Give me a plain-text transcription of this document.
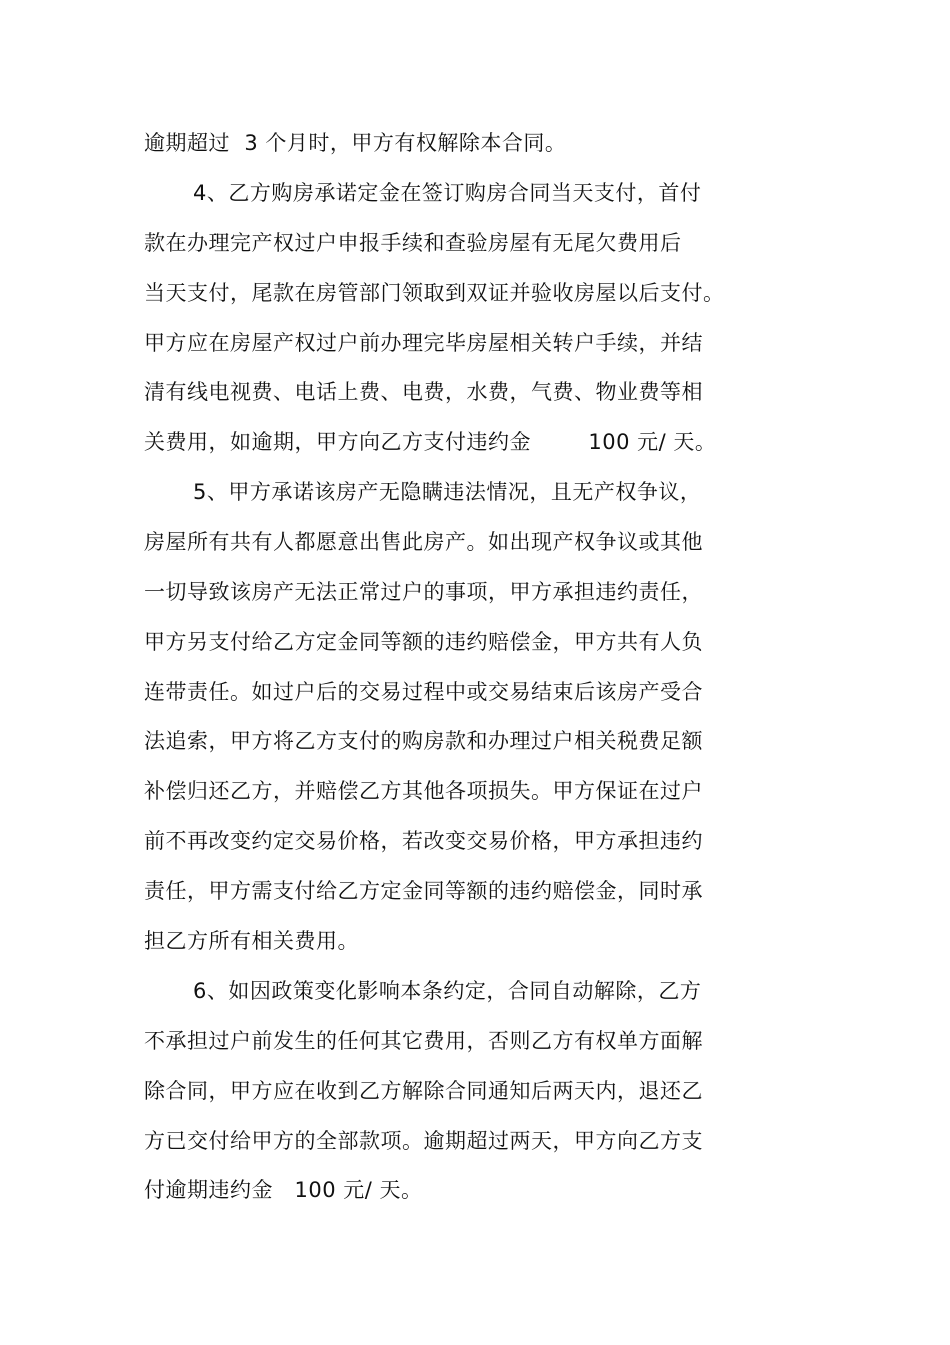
逾期超过  3 个月时，甲方有权解除本合同。
4、乙方购房承诺定金在签订购房合同当天支付，首付
款在办理完产权过户申报手续和查验房屋有无尾欠费用后
当天支付，尾款在房管部门领取到双证并验收房屋以后支付。
甲方应在房屋产权过户前办理完毕房屋相关转户手续，并结
清有线电视费、电话上费、电费，水费，气费、物业费等相
关费用，如逾期，甲方向乙方支付违约金        100 元/ 天。
5、甲方承诺该房产无隐瞒违法情况，且无产权争议，
房屋所有共有人都愿意出售此房产。如出现产权争议或其他
一切导致该房产无法正常过户的事项，甲方承担违约责任，
甲方另支付给乙方定金同等额的违约赔偿金，甲方共有人负
连带责任。如过户后的交易过程中或交易结束后该房产受合
法追索，甲方将乙方支付的购房款和办理过户相关税费足额
补偿归还乙方，并赔偿乙方其他各项损失。甲方保证在过户
前不再改变约定交易价格，若改变交易价格，甲方承担违约
责任，甲方需支付给乙方定金同等额的违约赔偿金，同时承
担乙方所有相关费用。
6、如因政策变化影响本条约定，合同自动解除，乙方
不承担过户前发生的任何其它费用，否则乙方有权单方面解
除合同，甲方应在收到乙方解除合同通知后两天内，退还乙
方已交付给甲方的全部款项。逾期超过两天，甲方向乙方支
付逾期违约金   100 元/ 天。
